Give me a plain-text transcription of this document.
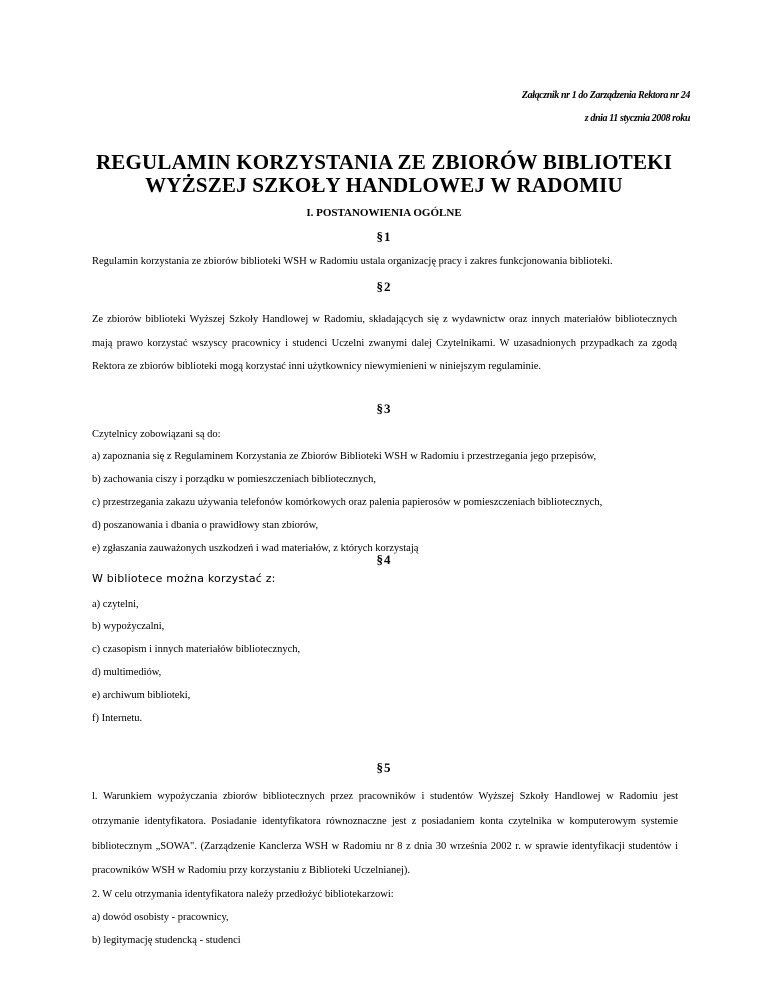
Załącznik nr 1 do Zarządzenia Rektora nr 24
z dnia 11 stycznia 2008 roku
REGULAMIN KORZYSTANIA ZE ZBIORÓW BIBLIOTEKI
WYŻSZEJ SZKOŁY HANDLOWEJ W RADOMIU
I. POSTANOWIENIA OGÓLNE
§1
Regulamin korzystania ze zbiorów biblioteki WSH w Radomiu ustala organizację pracy i zakres funkcjonowania biblioteki.
§2
Ze zbiorów biblioteki Wyższej Szkoły Handlowej w Radomiu, składających się z wydawnictw oraz innych materiałów bibliotecznych mają prawo korzystać wszyscy pracownicy i studenci Uczelni zwanymi dalej Czytelnikami. W uzasadnionych przypadkach za zgodą Rektora ze zbiorów biblioteki mogą korzystać inni użytkownicy niewymienieni w niniejszym regulaminie.
§3
Czytelnicy zobowiązani są do:
a) zapoznania się z Regulaminem Korzystania ze Zbiorów Biblioteki WSH w Radomiu i przestrzegania jego przepisów,
b) zachowania ciszy i porządku w pomieszczeniach bibliotecznych,
c) przestrzegania zakazu używania telefonów komórkowych oraz palenia papierosów w pomieszczeniach bibliotecznych,
d) poszanowania i dbania o prawidłowy stan zbiorów,
e) zgłaszania zauważonych uszkodzeń i wad materiałów, z których korzystają
§4
W bibliotece można korzystać z:
a) czytelni,
b) wypożyczalni,
c) czasopism i innych materiałów bibliotecznych,
d) multimediów,
e) archiwum biblioteki,
f) Internetu.
§5
l. Warunkiem wypożyczania zbiorów bibliotecznych przez pracowników i studentów Wyższej Szkoły Handlowej w Radomiu jest otrzymanie identyfikatora. Posiadanie identyfikatora równoznaczne jest z posiadaniem konta czytelnika w komputerowym systemie bibliotecznym „SOWA". (Zarządzenie Kanclerza WSH w Radomiu nr 8 z dnia 30 września 2002 r. w sprawie identyfikacji studentów i pracowników WSH w Radomiu przy korzystaniu z Biblioteki Uczelnianej).
2. W celu otrzymania identyfikatora należy przedłożyć bibliotekarzowi:
a) dowód osobisty - pracownicy,
b) legitymację studencką - studenci
